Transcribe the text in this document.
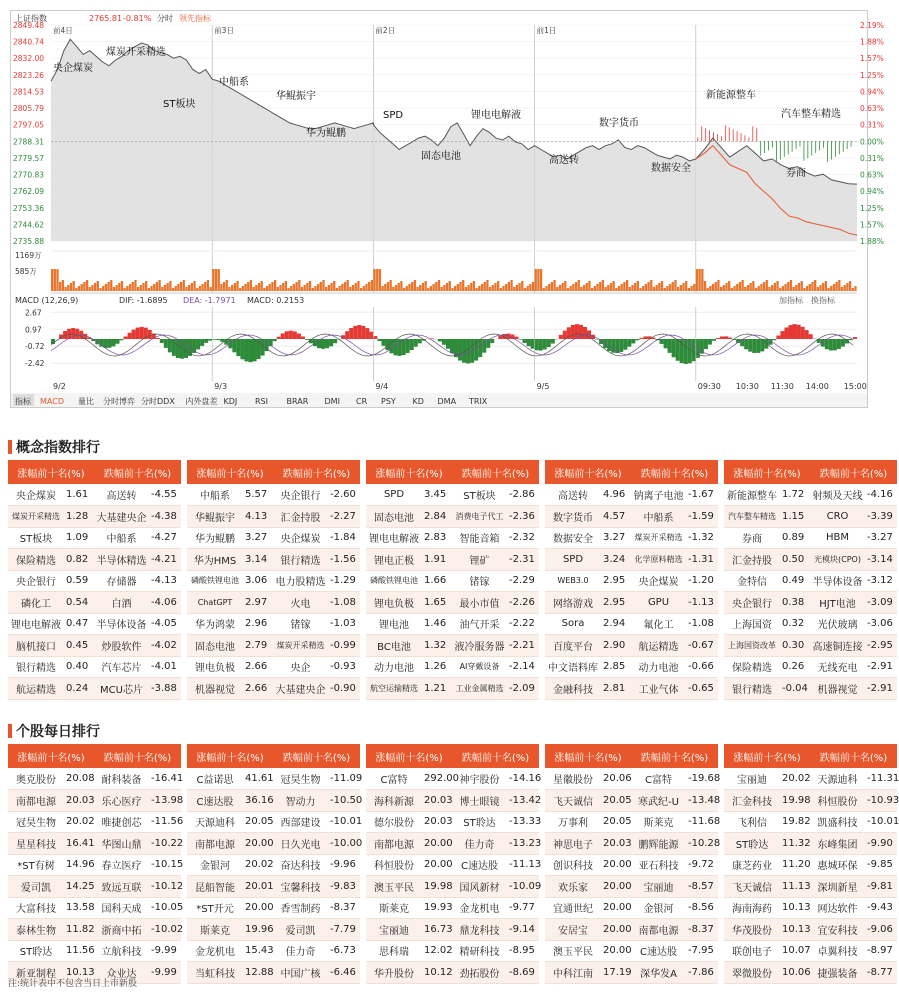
上证指数	2765.81 -0.81% 分时 领先指标
2849.48	2.19%
2840.74	1.88%
2832.00	1.57%
2823.26	1.25%
2814.53	0.94%
2805.79	0.63%
2797.05	0.31%
2788.31	0.00%
2779.57	0.31%
2770.83	0.63%
2762.09	0.94%
2753.36	1.25%
2744.62	1.57%
2735.88	1.88%
前4日	前3日	前2日	前1日
煤炭开采精选
央企煤炭
ST板块
中船系
华鲲振宇
华为鲲鹏
SPD
固态电池
锂电电解液
高送转
数字货币
数据安全
新能源整车
汽车整车精选
券商
1169万
585万
MACD (12,26,9)	DIF: -1.6895 DEA: -1.7971 MACD: 0.2153	加指标 换指标
2.67
0.97
-0.72
-2.42
9/2	9/3	9/4	9/5	09:30 10:30 11:30 14:00 15:00
指标 MACD 量比 分时博弈 分时DDX 内外盘差 KDJ RSI BRAR DMI CR PSY KD DMA TRIX
概念指数排行
涨幅前十名(%)		跌幅前十名(%)	
央企煤炭	1.61	高送转	-4.55
煤炭开采精选	1.28	大基建央企	-4.38
ST板块	1.09	中船系	-4.27
保险精选	0.82	半导体精选	-4.21
央企银行	0.59	存储器	-4.13
磷化工	0.54	白酒	-4.06
锂电电解液	0.47	半导体设备	-4.05
脑机接口	0.45	炒股软件	-4.02
银行精选	0.40	汽车芯片	-4.01
航运精选	0.24	MCU芯片	-3.88
涨幅前十名(%)		跌幅前十名(%)	
中船系	5.57	央企银行	-2.60
华鲲振宇	4.13	汇金持股	-2.27
华为鲲鹏	3.27	央企煤炭	-1.84
华为HMS	3.14	银行精选	-1.56
磷酸铁锂电池	3.06	电力股精选	-1.29
ChatGPT	2.97	火电	-1.08
华为鸿蒙	2.96	锗镓	-1.03
固态电池	2.79	煤炭开采精选	-0.99
锂电负极	2.66	央企	-0.93
机器视觉	2.66	大基建央企	-0.90
涨幅前十名(%)		跌幅前十名(%)	
SPD	3.45	ST板块	-2.86
固态电池	2.84	消费电子代工	-2.36
锂电电解液	2.83	智能音箱	-2.32
锂电正极	1.91	锂矿	-2.31
磷酸铁锂电池	1.66	锗镓	-2.29
锂电负极	1.65	最小市值	-2.26
锂电池	1.46	油气开采	-2.22
BC电池	1.32	液冷服务器	-2.21
动力电池	1.26	AI穿戴设备	-2.14
航空运输精选	1.21	工业金属精选	-2.09
涨幅前十名(%)		跌幅前十名(%)	
高送转	4.96	钠离子电池	-1.67
数字货币	4.57	中船系	-1.59
数据安全	3.27	煤炭开采精选	-1.32
SPD	3.24	化学原料精选	-1.31
WEB3.0	2.95	央企煤炭	-1.20
网络游戏	2.95	GPU	-1.13
Sora	2.94	氟化工	-1.08
百度平台	2.90	航运精选	-0.67
中文语料库	2.85	动力电池	-0.66
金融科技	2.81	工业气体	-0.65
涨幅前十名(%)		跌幅前十名(%)	
新能源整车	1.72	射频及天线	-4.16
汽车整车精选	1.15	CRO	-3.39
券商	0.89	HBM	-3.27
汇金持股	0.50	光模块(CPO)	-3.14
金特信	0.49	半导体设备	-3.12
央企银行	0.38	HJT电池	-3.09
上海国资	0.32	光伏玻璃	-3.06
上海国资改革	0.30	高速铜连接	-2.95
保险精选	0.26	无线充电	-2.91
银行精选	-0.04	机器视觉	-2.91
个股每日排行
涨幅前十名(%)		跌幅前十名(%)	
奥克股份	20.08	耐科装备	-16.41
南都电源	20.03	乐心医疗	-13.98
冠昊生物	20.02	唯捷创芯	-11.56
星星科技	16.41	华图山鼎	-10.22
*ST有树	14.96	春立医疗	-10.15
爱司凯	14.25	致远互联	-10.12
大富科技	13.58	国科天成	-10.05
泰林生物	11.82	浙商中拓	-10.02
ST聆达	11.56	立航科技	-9.99
新亚制程	10.13	众业达	-9.99
涨幅前十名(%)		跌幅前十名(%)	
C益诺思	41.61	冠昊生物	-11.09
C速达股	36.16	智动力	-10.50
天源迪科	20.05	西部建设	-10.01
南都电源	20.00	日久光电	-10.00
金银河	20.02	奋达科技	-9.96
昆船智能	20.01	宝馨科技	-9.83
*ST开元	20.00	香雪制药	-8.37
斯莱克	19.96	爱司凯	-7.79
金龙机电	15.43	佳力奇	-6.73
当虹科技	12.88	中国广核	-6.46
涨幅前十名(%)		跌幅前十名(%)	
C富特	292.00	神宇股份	-14.16
海科新源	20.03	博士眼镜	-13.42
德尔股份	20.03	ST聆达	-13.33
南都电源	20.00	佳力奇	-13.23
科恒股份	20.00	C速达股	-11.13
澳玉平民	19.98	国风新材	-10.09
斯莱克	19.93	金龙机电	-9.77
宝丽迪	16.73	鼎龙科技	-9.14
思科瑞	12.02	精研科技	-8.95
华升股份	10.12	劲拓股份	-8.69
涨幅前十名(%)		跌幅前十名(%)	
星徽股份	20.06	C富特	-19.68
飞天诚信	20.05	寒武纪-U	-13.48
万事利	20.05	斯莱克	-11.68
神思电子	20.03	鹏辉能源	-10.28
创识科技	20.00	亚石科技	-9.72
欢乐家	20.00	宝丽迪	-8.57
宜通世纪	20.00	金银河	-8.56
安居宝	20.00	南都电源	-8.37
澳玉平民	20.00	C速达股	-7.95
中科江南	17.19	深华发A	-7.86
涨幅前十名(%)		跌幅前十名(%)	
宝丽迪	20.02	天源迪科	-11.31
汇金科技	19.98	科恒股份	-10.93
飞利信	19.82	凯盛科技	-10.01
ST聆达	11.32	东峰集团	-9.90
康芝药业	11.20	惠城环保	-9.85
飞天诚信	11.13	深圳新星	-9.81
海南海药	10.13	网达软件	-9.43
华茂股份	10.13	宜安科技	-9.06
联创电子	10.07	卓翼科技	-8.97
翠微股份	10.06	捷强装备	-8.77
注:统计表中不包含当日上市新股
